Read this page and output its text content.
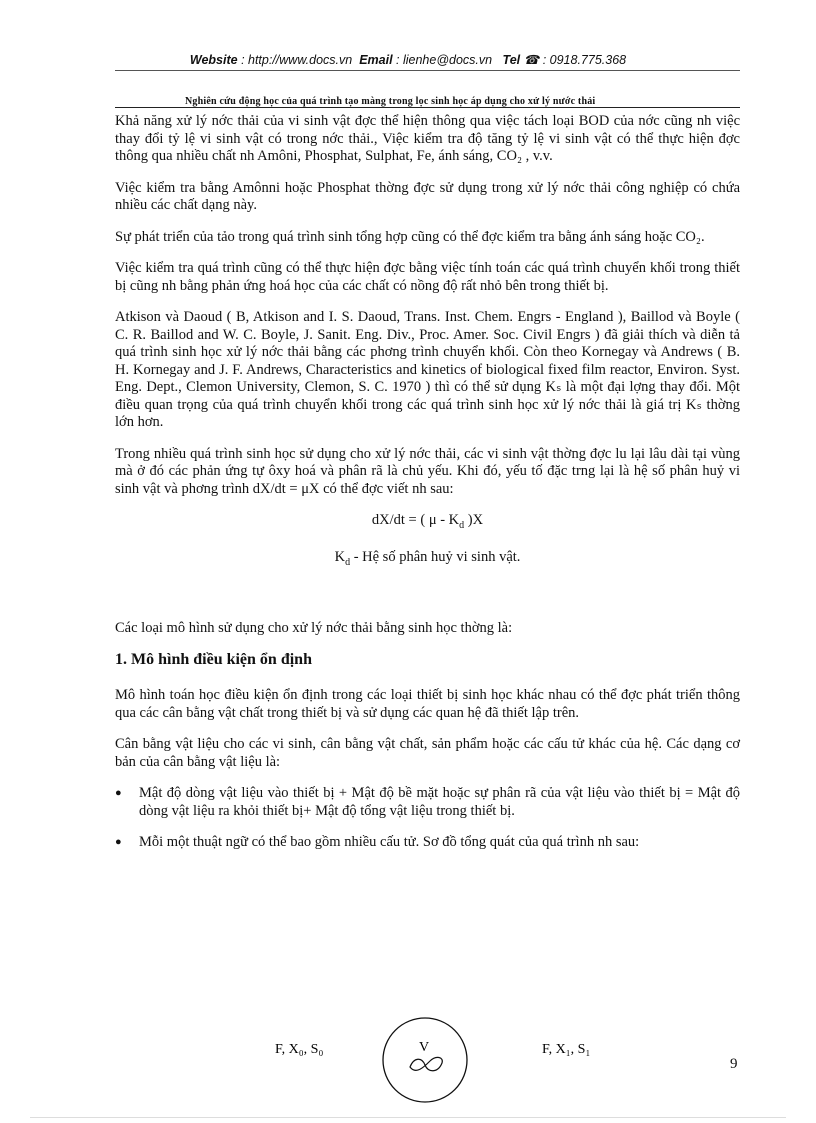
Website : http://www.docs.vn Email : lienhe@docs.vn Tel ☎ : 0918.775.368
Nghiên cứu động học của quá trình tạo màng trong lọc sinh học áp dụng cho xử lý nước thải

Khả năng xử lý nớc thải của vi sinh vật đợc thể hiện thông qua việc tách loại BOD của nớc cũng nh việc thay đổi tỷ lệ vi sinh vật có trong nớc thải., Việc kiểm tra độ tăng tỷ lệ vi sinh vật có thể thực hiện đợc thông qua nhiều chất nh Amôni, Phosphat, Sulphat, Fe, ánh sáng, CO₂ , v.v.

Việc kiểm tra bằng Amônni hoặc Phosphat thờng đợc sử dụng trong xử lý nớc thải công nghiệp có chứa nhiều các chất dạng này.

Sự phát triển của tảo trong quá trình sinh tổng hợp cũng có thể đợc kiểm tra bằng ánh sáng hoặc CO₂.

Việc kiểm tra quá trình cũng có thể thực hiện đợc bằng việc tính toán các quá trình chuyển khối trong thiết bị cũng nh bằng phản ứng hoá học của các chất có nồng độ rất nhỏ bên trong thiết bị.

Atkison và Daoud ( B, Atkison and I. S. Daoud, Trans. Inst. Chem. Engrs - England ), Baillod và Boyle ( C. R. Baillod and W. C. Boyle, J. Sanit. Eng. Div., Proc. Amer. Soc. Civil Engrs ) đã giải thích và diễn tả quá trình sinh học xử lý nớc thải bằng các phơng trình chuyển khối. Còn theo Kornegay và Andrews ( B. H. Kornegay and J. F. Andrews, Characteristics and kinetics of biological fixed film reactor, Environ. Syst. Eng. Dept., Clemon University, Clemon, S. C. 1970 ) thì có thể sử dụng Kₛ là một đại lợng thay đổi. Một điều quan trọng của quá trình chuyển khối trong các quá trình sinh học xử lý nớc thải là giá trị Kₛ thờng lớn hơn.

Trong nhiều quá trình sinh học sử dụng cho xử lý nớc thải, các vi sinh vật thờng đợc lu lại lâu dài tại vùng mà ở đó các phản ứng tự ôxy hoá và phân rã là chủ yếu. Khi đó, yếu tố đặc trng lại là hệ số phân huỷ vi sinh vật và phơng trình dX/dt = μX có thể đợc viết nh sau:

dX/dt = ( μ - $K_d$ )X
$K_d$ - Hệ số phân huỷ vi sinh vật.

Các loại mô hình sử dụng cho xử lý nớc thải bằng sinh học thờng là:

1. Mô hình điều kiện ổn định

Mô hình toán học điều kiện ổn định trong các loại thiết bị sinh học khác nhau có thể đợc phát triển thông qua các cân bằng vật chất trong thiết bị và sử dụng các quan hệ đã thiết lập trên.

Cân bằng vật liệu cho các vi sinh, cân bằng vật chất, sản phẩm hoặc các cấu tử khác của hệ. Các dạng cơ bản của cân bằng vật liệu là:

● Mật độ dòng vật liệu vào thiết bị + Mật độ bề mặt hoặc sự phân rã của vật liệu vào thiết bị = Mật độ dòng vật liệu ra khỏi thiết bị+ Mật độ tổng vật liệu trong thiết bị.

● Mỗi một thuật ngữ có thể bao gồm nhiều cấu tử. Sơ đồ tổng quát của quá trình nh sau:

F, X₀, S₀	V	F, X₁, S₁
9
